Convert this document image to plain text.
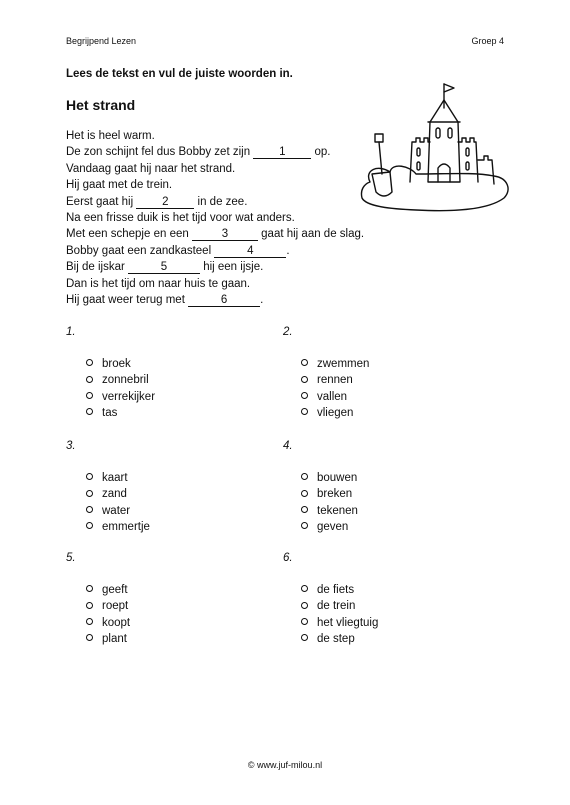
Begrijpend Lezen	Groep 4
Lees de tekst en vul de juiste woorden in.
Het strand
Het is heel warm.
De zon schijnt fel dus Bobby zet zijn 1 op.
Vandaag gaat hij naar het strand.
Hij gaat met de trein.
Eerst gaat hij 2 in de zee.
Na een frisse duik is het tijd voor wat anders.
Met een schepje en een	3	gaat hij aan de slag.
Bobby gaat een zandkasteel	4	.
Bij de ijskar	5	hij een ijsje.
Dan is het tijd om naar huis te gaan.
Hij gaat weer terug met	6	.
1.
broek
zonnebril
verrekijker
tas
2.
zwemmen
rennen
vallen
vliegen
3.
kaart
zand
water
emmertje
4.
bouwen
breken
tekenen
geven
5.
geeft
roept
koopt
plant
6.
de fiets
de trein
het vliegtuig
de step
© www.juf-milou.nl
